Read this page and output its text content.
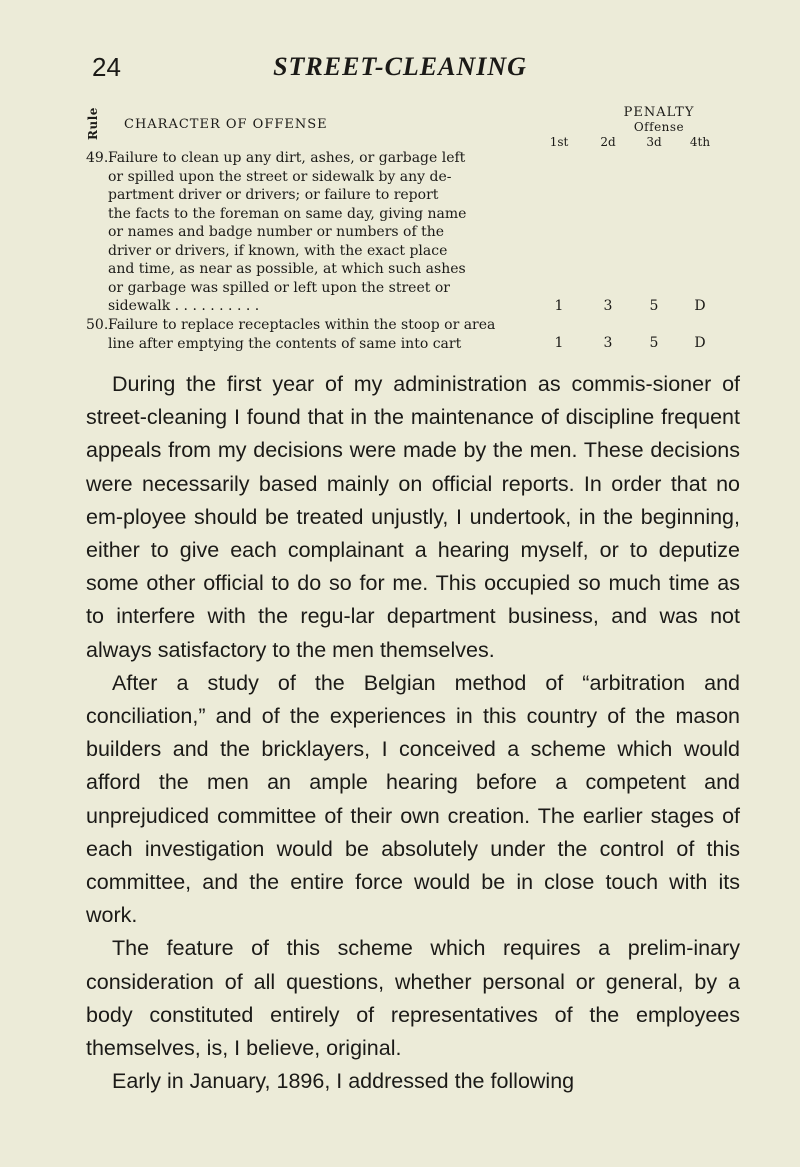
24	STREET-CLEANING
Rule CHARACTER OF OFFENSE
PENALTY
Offense
1st	2d	3d	4th
49. Failure to clean up any dirt, ashes, or garbage left
or spilled upon the street or sidewalk by any de-
partment driver or drivers; or failure to report
the facts to the foreman on same day, giving name
or names and badge number or numbers of the
driver or drivers, if known, with the exact place
and time, as near as possible, at which such ashes
or garbage was spilled or left upon the street or
sidewalk . . . . . . . . . .	1	3	5	D
50. Failure to replace receptacles within the stoop or area
line after emptying the contents of same into cart	1	3	5	D

During the first year of my administration as commis-sioner of street-cleaning I found that in the maintenance of discipline frequent appeals from my decisions were made by the men. These decisions were necessarily based mainly on official reports. In order that no em-ployee should be treated unjustly, I undertook, in the beginning, either to give each complainant a hearing myself, or to deputize some other official to do so for me. This occupied so much time as to interfere with the regu-lar department business, and was not always satisfactory to the men themselves.

After a study of the Belgian method of “arbitration and conciliation,” and of the experiences in this country of the mason builders and the bricklayers, I conceived a scheme which would afford the men an ample hearing before a competent and unprejudiced committee of their own creation. The earlier stages of each investigation would be absolutely under the control of this committee, and the entire force would be in close touch with its work.

The feature of this scheme which requires a prelim-inary consideration of all questions, whether personal or general, by a body constituted entirely of representatives of the employees themselves, is, I believe, original.

Early in January, 1896, I addressed the following
